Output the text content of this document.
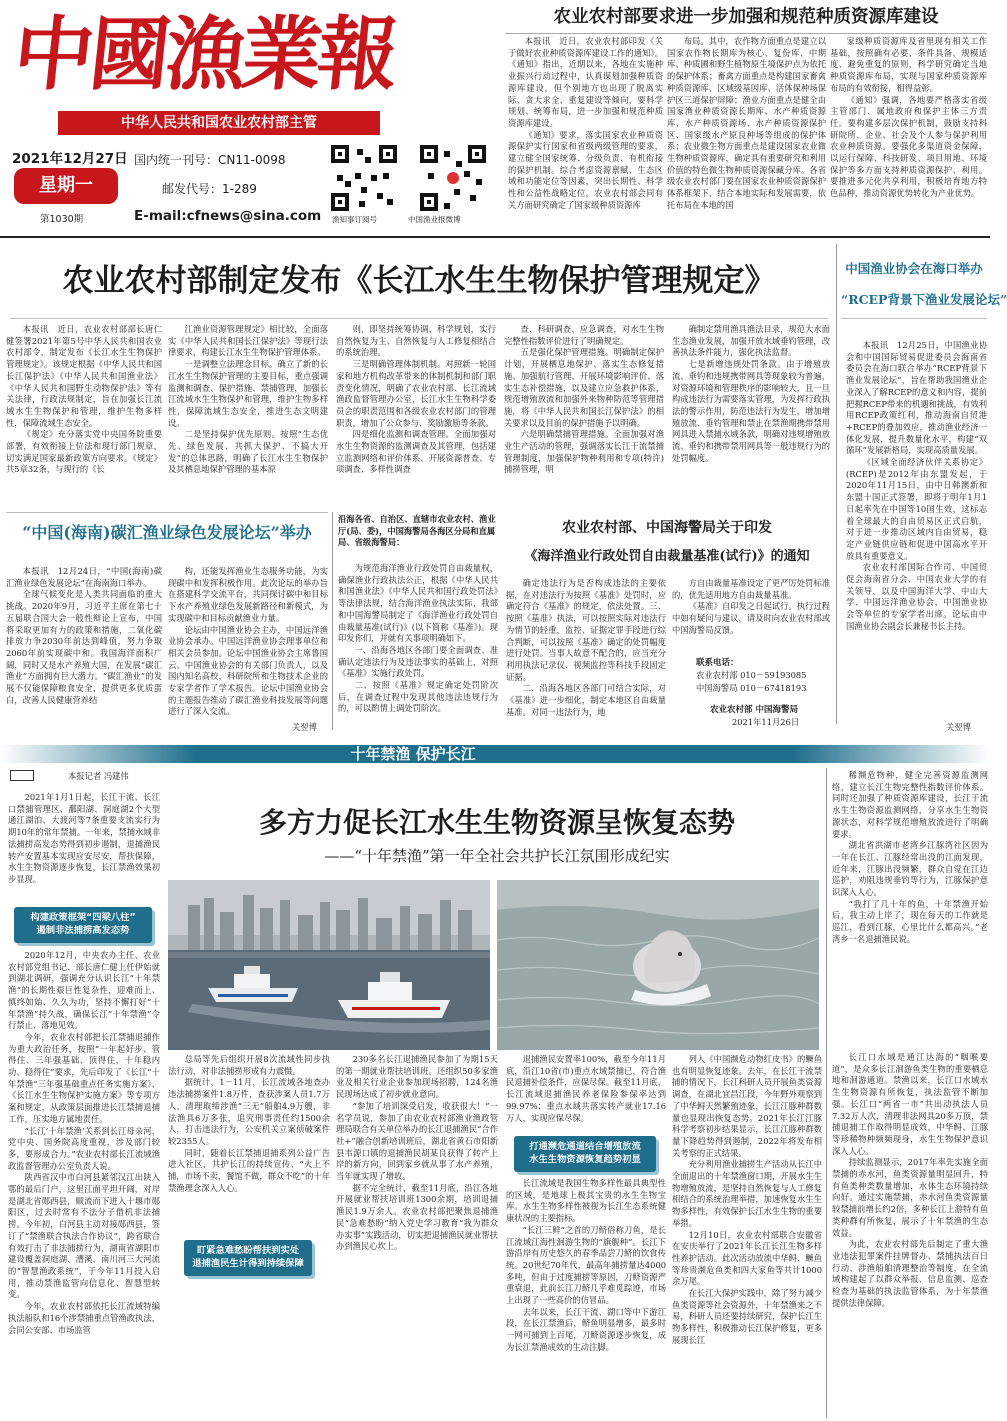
中國漁業報
中华人民共和国农业农村部主管
2021年12月27日
星期一
第1030期
国内统一刊号：CN11-0098
邮发代号：1-289
E-mail:cfnews@sina.com 渔知事订阅号	中国渔业报微博
农业农村部要求进一步加强和规范种质资源库建设

本报讯　近日，农业农村部印发《关于做好农业种质资源库建设工作的通知》。《通知》指出，近期以来，各地在实施种业振兴行动过程中，认真谋划加强种质资源库建设，但个别地方也出现了脱离实际、贪大求全、重复建设等倾向，要科学规划、统筹布局，进一步加强和规范种质资源库建设。

《通知》要求，落实国家农业种质资源保护实行国家和省级两级管理的要求，建立健全国家统筹、分级负责、有机衔接的保护机制。综合考虑资源禀赋、生态区域和功能定位等因素，突出长期性、科学性和公益性战略定位，农业农村部会同有关方面研究确定了国家级种质资源库

布局。其中，农作物方面重点是建立以国家农作物长期库为核心、复份库、中期库、种质圃和野生植物原生境保护点为依托的保护体系；畜禽方面重点是构建国家畜禽种质资源库、区域级基因库、活体保种场保护区三道保护屏障；渔业方面重点是健全由国家渔业种质资源长期库、水产种质资源库、水产种质资源场、水产种质资源保护区、国家级水产原良种场等组成的保护体系；农业微生物方面重点是建设国家农业微生物种质资源库，确定具有重要研究和利用价值的特色微生物种质资源保藏分库。各省级农业农村部门要在国家农业种质资源保护体系框架下，结合本地实际和发展需要，依托布局在本地的国

家级种质资源库及省里现有相关工作基础，按照确有必要、条件具备、规模适度、避免重复的原则，科学研究确定当地种质资源库布局，实现与国家种质资源库布局的有效衔接，相得益彰。

《通知》强调，各地要严格落实省级主管部门、属地政府和保护主体三方责任。要构建多层次保护机制，鼓励支持科研院所、企业、社会及个人参与保护利用农业种质资源。要强化多渠道资金保障，以运行保障、科技研发、项目用地、环境保护等多方面支持种质资源保护、利用。要推进多元化共享利用，积极培育地方特色品种，推动资源优势转化为产业优势。

农业农村部制定发布《长江水生生物保护管理规定》

本报讯　近日，农业农村部部长唐仁健签署2021年第5号中华人民共和国农业农村部令，制定发布《长江水生生物保护管理规定》。该规定根据《中华人民共和国长江保护法》《中华人民共和国渔业法》《中华人民共和国野生动物保护法》等有关法律，行政法规制定，旨在加强长江流域水生生物保护和管理，维护生物多样性，保障流域生态安全。

《规定》充分落实党中央国务院重要部署，有效衔接上位法和现行部门规章，切实满足国家最新政策方向要求。《规定》共5章32条，与现行的《长

江渔业资源管理规定》相比较，全面落实《中华人民共和国长江保护法》等现行法律要求，构建长江水生生物保护管理体系。

一是调整立法理念目标。确立了新的长江水生生物保护管理的主要目标，重点强调监测和调查、保护措施、禁捕管理，加强长江流域水生生物保护和管理，维护生物多样性，保障流域生态安全，推进生态文明建设。

二是坚持保护优先原则。按照“生态优先、绿色发展、共抓大保护、不搞大开发”的总体思路，明确了长江水生生物保护及其栖息地保护管理的基本原

则，即坚持统筹协调、科学规划，实行自然恢复为主、自然恢复与人工修复相结合的系统治理。

三是明确管理体制机制。对照新一轮国家和地方机构改革带来的体制机制和部门职责变化情况，明确了农业农村部、长江流域渔政监督管理办公室，长江水生生物科学委员会的职责范围和各级农业农村部门的管理职责，增加了公众参与、奖励激励等条款。

四是细化监测和调查管理。全面加强对水生生物资源的监测调查及其管理，包括建立监测网络和评价体系、开展资源普查、专项调查、多样性调查

查、科研调查、应急调查，对水生生物完整性指数评价进行了明确规定。

五是强化保护管理措施。明确制定保护计划，开展栖息地保护、落实生态修复措施、加强航行管理、开展环境影响评价、落实生态补偿措施，以及建立应急救护体系，规范增殖放流和加强外来物种防范等管理措施，将《中华人民共和国长江保护法》的相关要求以及目前的保护措施予以明确。

六是明确禁捕管理措施。全面加强对渔业生产活动的管理，强调落实长江干流禁捕管理制度，加强保护物种利用和专项(特许)捕捞管理，明

确制定禁用渔具渔法目录，规范大水面生态渔业发展，加强开放水域垂钓管理，改善执法条件能力，强化执法监督。

七是新增违规处罚条款。由于增殖放流、垂钓和违规携带网具等现象较为普遍，对资源环境和管理秩序的影响较大，且一旦构成违法行为需要落实管理，为发挥行政执法的警示作用，防范违法行为发生，增加增殖放流、垂钓管理和禁止在禁渔期携带禁用网具进入禁捕水域条款，明确对违规增殖放流、垂钓和携带禁用网具等一般违规行为的处罚幅度。

“中国(海南)碳汇渔业绿色发展论坛”举办

本报讯　12月24日，“中国(海南)碳汇渔业绿色发展论坛”在海南海口举办。

全球气候变化是人类共同面临的重大挑战。2020年9月，习近平主席在第七十五届联合国大会一般性辩论上宣布，中国将采取更加有力的政策和措施，二氧化碳排放力争2030年前达到峰值，努力争取2060年前实现碳中和。我国海洋面积广阔，同时又是水产养殖大国，在发展“碳汇渔业”方面拥有巨大潜力。“碳汇渔业”的发展不仅能保障粮食安全，提供更多优质蛋白，改善人民健康营养结

构，还能发挥渔业生态服务功能，为实现碳中和发挥积极作用。此次论坛的举办旨在搭建科学交流平台，共同探讨碳中和目标下水产养殖业绿色发展新路径和新模式，为实现碳中和目标贡献渔业力量。

论坛由中国渔业协会主办，中国远洋渔业协会承办。中国远洋渔业协会理事单位和相关会员参加。论坛中国渔业协会主席鲁国云、中国渔业协会的有关部门负责人，以及国内知名高校，科研院所和生物技术企业的专家学者作了学术报告。论坛中国渔业协会的主题报告推动了碳汇渔业科技发展等问题进行了深入交流。

关翌博

沿海各省、自治区、直辖市农业农村、渔业厅(局、委)，中国海警局各海区分局和直属局、省级海警局：

为规范海洋渔业行政处罚自由裁量权，确保渔业行政执法公正，根据《中华人民共和国渔业法》《中华人民共和国行政处罚法》等法律法规，结合海洋渔业执法实际，我部和中国海警局制定了《海洋渔业行政处罚自由裁量基准(试行)》(以下简称《基准》)。现印发你们，并就有关事项明确如下。

一、沿海各地区各部门要全面调查、准确认定违法行为及违法事实的基础上，对照《基准》实施行政处罚。

二、按照《基准》规定确定处罚阶次后，在调查过程中发现其他违法违规行为的，可以酌情上调处罚阶次。

农业农村部、中国海警局关于印发
《海洋渔业行政处罚自由裁量基准(试行)》的通知

确定违法行为是否构成违法的主要依据，在对违法行为按照《基准》处罚时，应确定符合《基准》的规定，依法处置。三、按照《基准》执法，可以按照实际对违法行为情节的轻重，监控、证据定罪手段进行综合判断，可以按照《基准》确定的处罚幅度进行处罚。当事人故意不配合的，应当充分利用执法记录仪、视频监控等科技手段固定证据。

二、沿海各地区各部门可结合实际，对《基准》进一步细化，制定本地区自由裁量基准。对同一违法行为，地

方自由裁量基准设定了更严厉处罚标准的，优先适用地方自由裁量基准。

《基准》自印发之日起试行。执行过程中如有疑问与建议，请及时向农业农村部或中国海警局反馈。

联系电话：
农业农村部 010－59193085
中国海警局 010－67418193
农业农村部 中国海警局
2021年11月26日
中国渔业协会在海口举办
“RCEP背景下渔业发展论坛”

本报讯　12月25日，中国渔业协会和中国国际贸易促进委员会海南省委员会在海口联合举办“RCEP背景下渔业发展论坛”，旨在帮助我国渔业企业深入了解RCEP的意义和内容，提前把握RCEP带来的机遇和挑战，有效利用RCEP政策红利，推动海南自贸港+RCEP的叠加效应，推动渔业经济一体化发展，提升数量化水平，构建“双循环”发展新格局，实现高质量发展。

《区域全面经济伙伴关系协定》(RCEP)是2012年由东盟发起，于2020年11月15日，由中日韩澳新和东盟十国正式签署，即将于明年1月1日起率先在中国等10国生效，这标志着全球最大的自由贸易区正式启航，对于进一步推动区域内自由贸易，稳定产业链供应链和促进中国高水平开放具有重要意义。

农业农村部国际合作司、中国贸促会海南省分会、中国农业大学的有关领导，以及中国海洋大学、中山大学、中国远洋渔业协会、中国渔业协会等单位的专家学者出席。论坛由中国渔业协会副会长兼秘书长主持。

关翌博
十年禁渔 保护长江
本报记者 冯建伟
多方力促长江水生生物资源呈恢复态势
——“十年禁渔”第一年全社会共护长江氛围形成纪实

2021年1月1日起，长江干流、长江口禁捕管理区、鄱阳湖、洞庭湖2个大型通江湖泊、大渡河等7条重要支流实行为期10年的常年禁捕。一年来，禁捕水域非法捕捞高发态势得到初步遏制，退捕渔民转产安置基本实现应安尽安，帮扶保障，水生生物资源逐步恢复，长江禁渔效果初步显现。

构建政策框架“四梁八柱”
遏制非法捕捞高发态势

2020年12月，中央农办主任、农业农村部党组书记、部长唐仁健上任伊始就到湖北调研，强调充分认识长江“十年禁渔”的长期性艰巨性复杂性，迎难而上、慎终如始、久久为功，坚持不懈打好“十年禁渔”持久战，确保长江“十年禁渔”令行禁止、落地见效。

今年，农业农村部把长江禁捕退捕作为重大政治任务，按照“一年起好步、管得住、三年强基础、顶得住，十年稳内功、稳得住”要求，先后印发了《长江“十年禁渔”三年强基础重点任务实施方案》、《长江水生生物保护实施方案》等专项方案和规定，从政策层面推进长江禁捕退捕工作，压实地方属地责任。

“长江‘十年禁渔’关系到长江母亲河，党中央、国务院高度重视，涉及部门较多，要形成合力。”农业农村部长江流域渔政监督管理办公室负责人说。

陕西省汉中市白河县紧邻汉江出陕入鄂的最后门户，这里江面平坦开阔，对岸是湖北省郧西县，顺流而下进入十堰市郧阳区，过去时常有不法分子借机非法捕捞。今年初，白河县主动对接郧西县，签订了“禁渔联合执法合作协议”，跨省联合有效打击了非法捕捞行为，湖南省湖阳市建设覆盖洞庭湖、漕溪、南川河三大河流的“智慧渔政系统”，于今年11月投入启用，推动禁渔监管向信息化、智慧型转变。

今年，农业农村部依托长江流域特编执法船队和16个涉禁捕重点管渔政执法，会同公安部、市场监管

总局等先后组织开展8次流域性同步执法行动，对非法捕捞形成有力震慑。

据统计，1－11月，长江流域各地查办违法捕捞案件1.8万件，查获涉案人员1.7万人，清理取缔涉渔“三无”船舶4.9万艘，非法渔具6万多张，追究刑事责任约1500余人，打击违法行为，公安机关立案侦破案件较2355人。

同时，随着长江禁捕退捕系列公益广告进入社区，共护长江的持续宣传、“火上不捕，市场不卖，餐馆不做，群众不吃”的十年禁渔理念深入人心。

盯紧急难愁盼帮扶到实处
退捕渔民生计得到持续保障

230多名长江退捕渔民参加了为期15天的第一期就业帮扶培训班。还组织50多家渔业及相关行业企业参加现场招聘，124名渔民现场达成了初步就业意向。

“参加了培训深受启发，收获很大！”一名学员说，参加了由农业农村部渔业渔政管理局联合有关单位举办的长江退捕渔民“合作社+”融合创新培训班后，湖北省黄石市阳新县韦源口镇的退捕渔民胡某良获得了转产上岸的新方向，回到家乡就从事了水产养殖，当年就实现了增收。

据不完全统计，截至11月底，沿江各地开展就业帮扶培训班1300余期，培训退捕渔民1.9万余人。农业农村部把聚焦退捕渔民“急难愁盼”纳入党史学习教育“我为群众办实事”实践活动，切实把退捕渔民就业帮扶办到渔民心坎上。

退捕渔民安置率100%，截至今年11月底，沿江10省(市)重点水域禁捕已，符合渔民退捕补偿条件，应保尽保。截至11月底，长江流域退捕渔民养老保险参保率达到99.97%；重点水域共落实转产就业17.16万人，实现应保尽保。

打通濒危通道结合增殖放流
水生生物资源恢复趋势初显

长江流域是我国生物多样性最具典型性的区域，是地球上极其宝贵的水生生物宝库。水生生物多样性被视为长江生态系统健康状况的主要指标。

“长江三鲜”之首的刀鲚俗称刀鱼，是长江流域江海性洄游生物的“旗舰种”。长江下游沿岸有历史悠久的春季品尝刀鲚的饮食传统。20世纪70年代，最高年捕捞量达4000多吨，但由于过度捕捞等原因，刀鲚资源严重衰退，此前长江刀鲚几乎难觅踪迹，市场上出现了一些高价的仿冒品。

去年以来，长江干流、湖口等中下游江段，在长江禁渔后，鲚鱼明显增多，最多时一网可捕到上百尾，刀鲚资源逐步恢复，成为长江禁渔成效的生动注脚。

列入《中国濒危动物红皮书》的鳜鱼也有明显恢复迹象。去年，在长江干流禁捕的情况下，长江科研人员开展鱼类资源调查，在湖北宜昌江段，今年野外观察到了中华鲟天然繁殖迹象，长江江豚种群数量也显现出恢复态势。2021年长江江豚科学考察初步结果显示，长江江豚种群数量下降趋势得到遏制，2022年将发布相关考察的正式结果。

充分利用渔业捕捞生产活动从长江中全面退出的十年禁渔窗口期，开展水生生物增殖放流，是坚持自然恢复与人工修复相结合的系统治理举措，加速恢复水生生物多样性，有效保护长江水生生物的重要举措。

12月10日，农业农村部联合安徽省在安庆举行了2021年长江长江生物多样性养护活动。此次活动放流中华鲟、鳜鱼等珍贵濒危鱼类和四大家鱼等共计1000余万尾。

在长江大保护实践中，除了努力减少鱼类资源等社会资源外，十年禁渔来之不易，科研人员还要持续研究，保护长江生物多样性，积极推动长江保护修复，更多展现长江

稀濒危物种，健全完善资源监测网络，建立长江生物完整性指数评价体系。同时还加强了种质资源库建设，长江干流水生生物资源监测网络，分享水生生物资源状态，对科学规范增殖放流进行了明确要求。

湖北省洪湖市老湾乡江豚湾社区因为一年在长江、江豚经常出没的江面发现，近年来，江豚出没频繁，群众自觉在江边巡护，劝阻违规垂钓等行为，江豚保护意识深入人心。

“我打了几十年的鱼，十年禁渔开始后，我主动上岸了，现在每天的工作就是巡江，看到江豚，心里比什么都高兴。”老湾乡一名退捕渔民说。

长江口水域是通江达海的“咽喉要道”，是众多长江洄游鱼类生物的重要栖息地和洄游通道。禁渔以来，长江口水域水生生物资源有所恢复，执法监管不断加强。长江口“两省一市”共出动执法人员7.32万人次，清理非法网具20多万顶，禁捕退捕工作取得明显成效，中华鲟、江豚等珍稀物种频频现身，水生生物保护意识深入人心。

持续监测显示，2017年率先实施全面禁捕的赤水河，鱼类资源量明显回升，特有鱼类种类数量增加，水体生态环境持续向好。通过实施禁捕，赤水河鱼类资源量较禁捕前增长约2倍，多种长江上游特有鱼类种群有所恢复，展示了十年禁渔的生态效益。

为此，农业农村部先后制定了重大渔业违法犯罪案件挂牌督办、禁捕执法百日行动、涉渔船舶清理整治等制度，在全流域构建起了以群众举报、信息监测、巡查检查为基础的执法监管体系，为十年禁渔提供法律保障。
